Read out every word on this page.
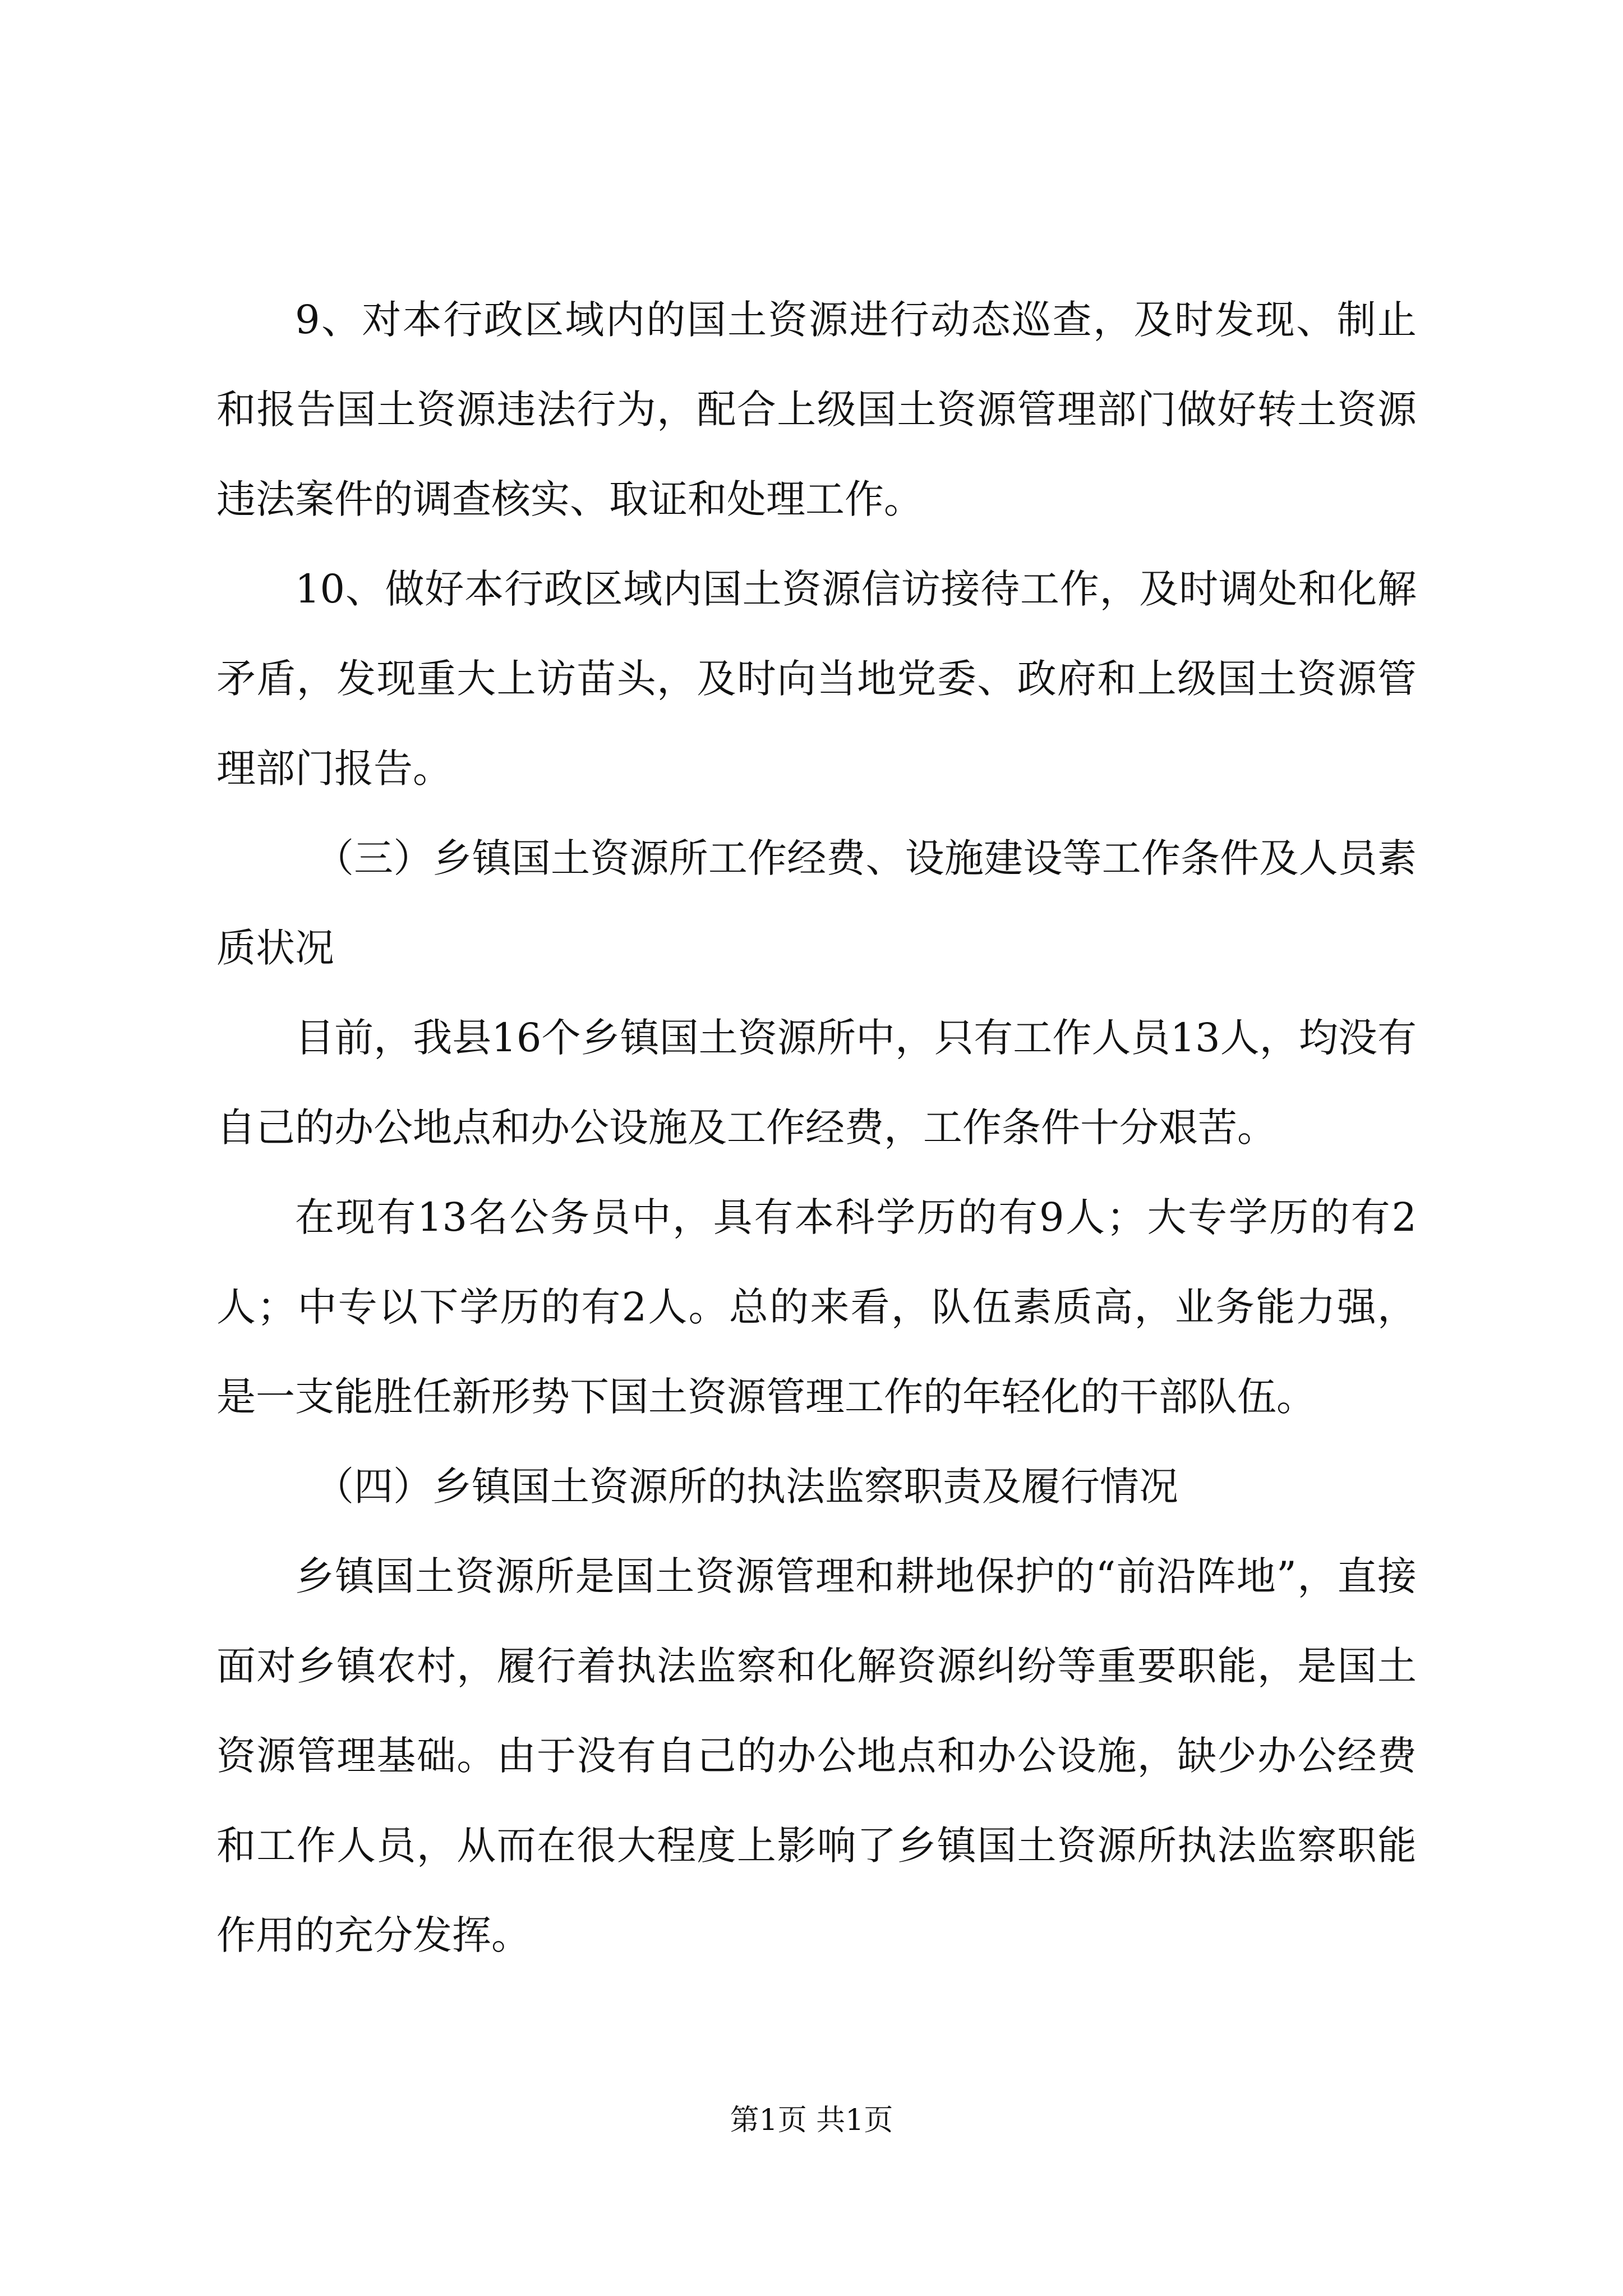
9、对本行政区域内的国土资源进行动态巡查，及时发现、制止和报告国土资源违法行为，配合上级国土资源管理部门做好转土资源违法案件的调查核实、取证和处理工作。

10、做好本行政区域内国土资源信访接待工作，及时调处和化解矛盾，发现重大上访苗头，及时向当地党委、政府和上级国土资源管理部门报告。

（三）乡镇国土资源所工作经费、设施建设等工作条件及人员素质状况

目前，我县16个乡镇国土资源所中，只有工作人员13人，均没有自己的办公地点和办公设施及工作经费，工作条件十分艰苦。

在现有13名公务员中，具有本科学历的有9人；大专学历的有2人；中专以下学历的有2人。总的来看，队伍素质高，业务能力强，是一支能胜任新形势下国土资源管理工作的年轻化的干部队伍。

（四）乡镇国土资源所的执法监察职责及履行情况

乡镇国土资源所是国土资源管理和耕地保护的“前沿阵地”，直接面对乡镇农村，履行着执法监察和化解资源纠纷等重要职能，是国土资源管理基础。由于没有自己的办公地点和办公设施，缺少办公经费和工作人员，从而在很大程度上影响了乡镇国土资源所执法监察职能作用的充分发挥。

第1页 共1页
